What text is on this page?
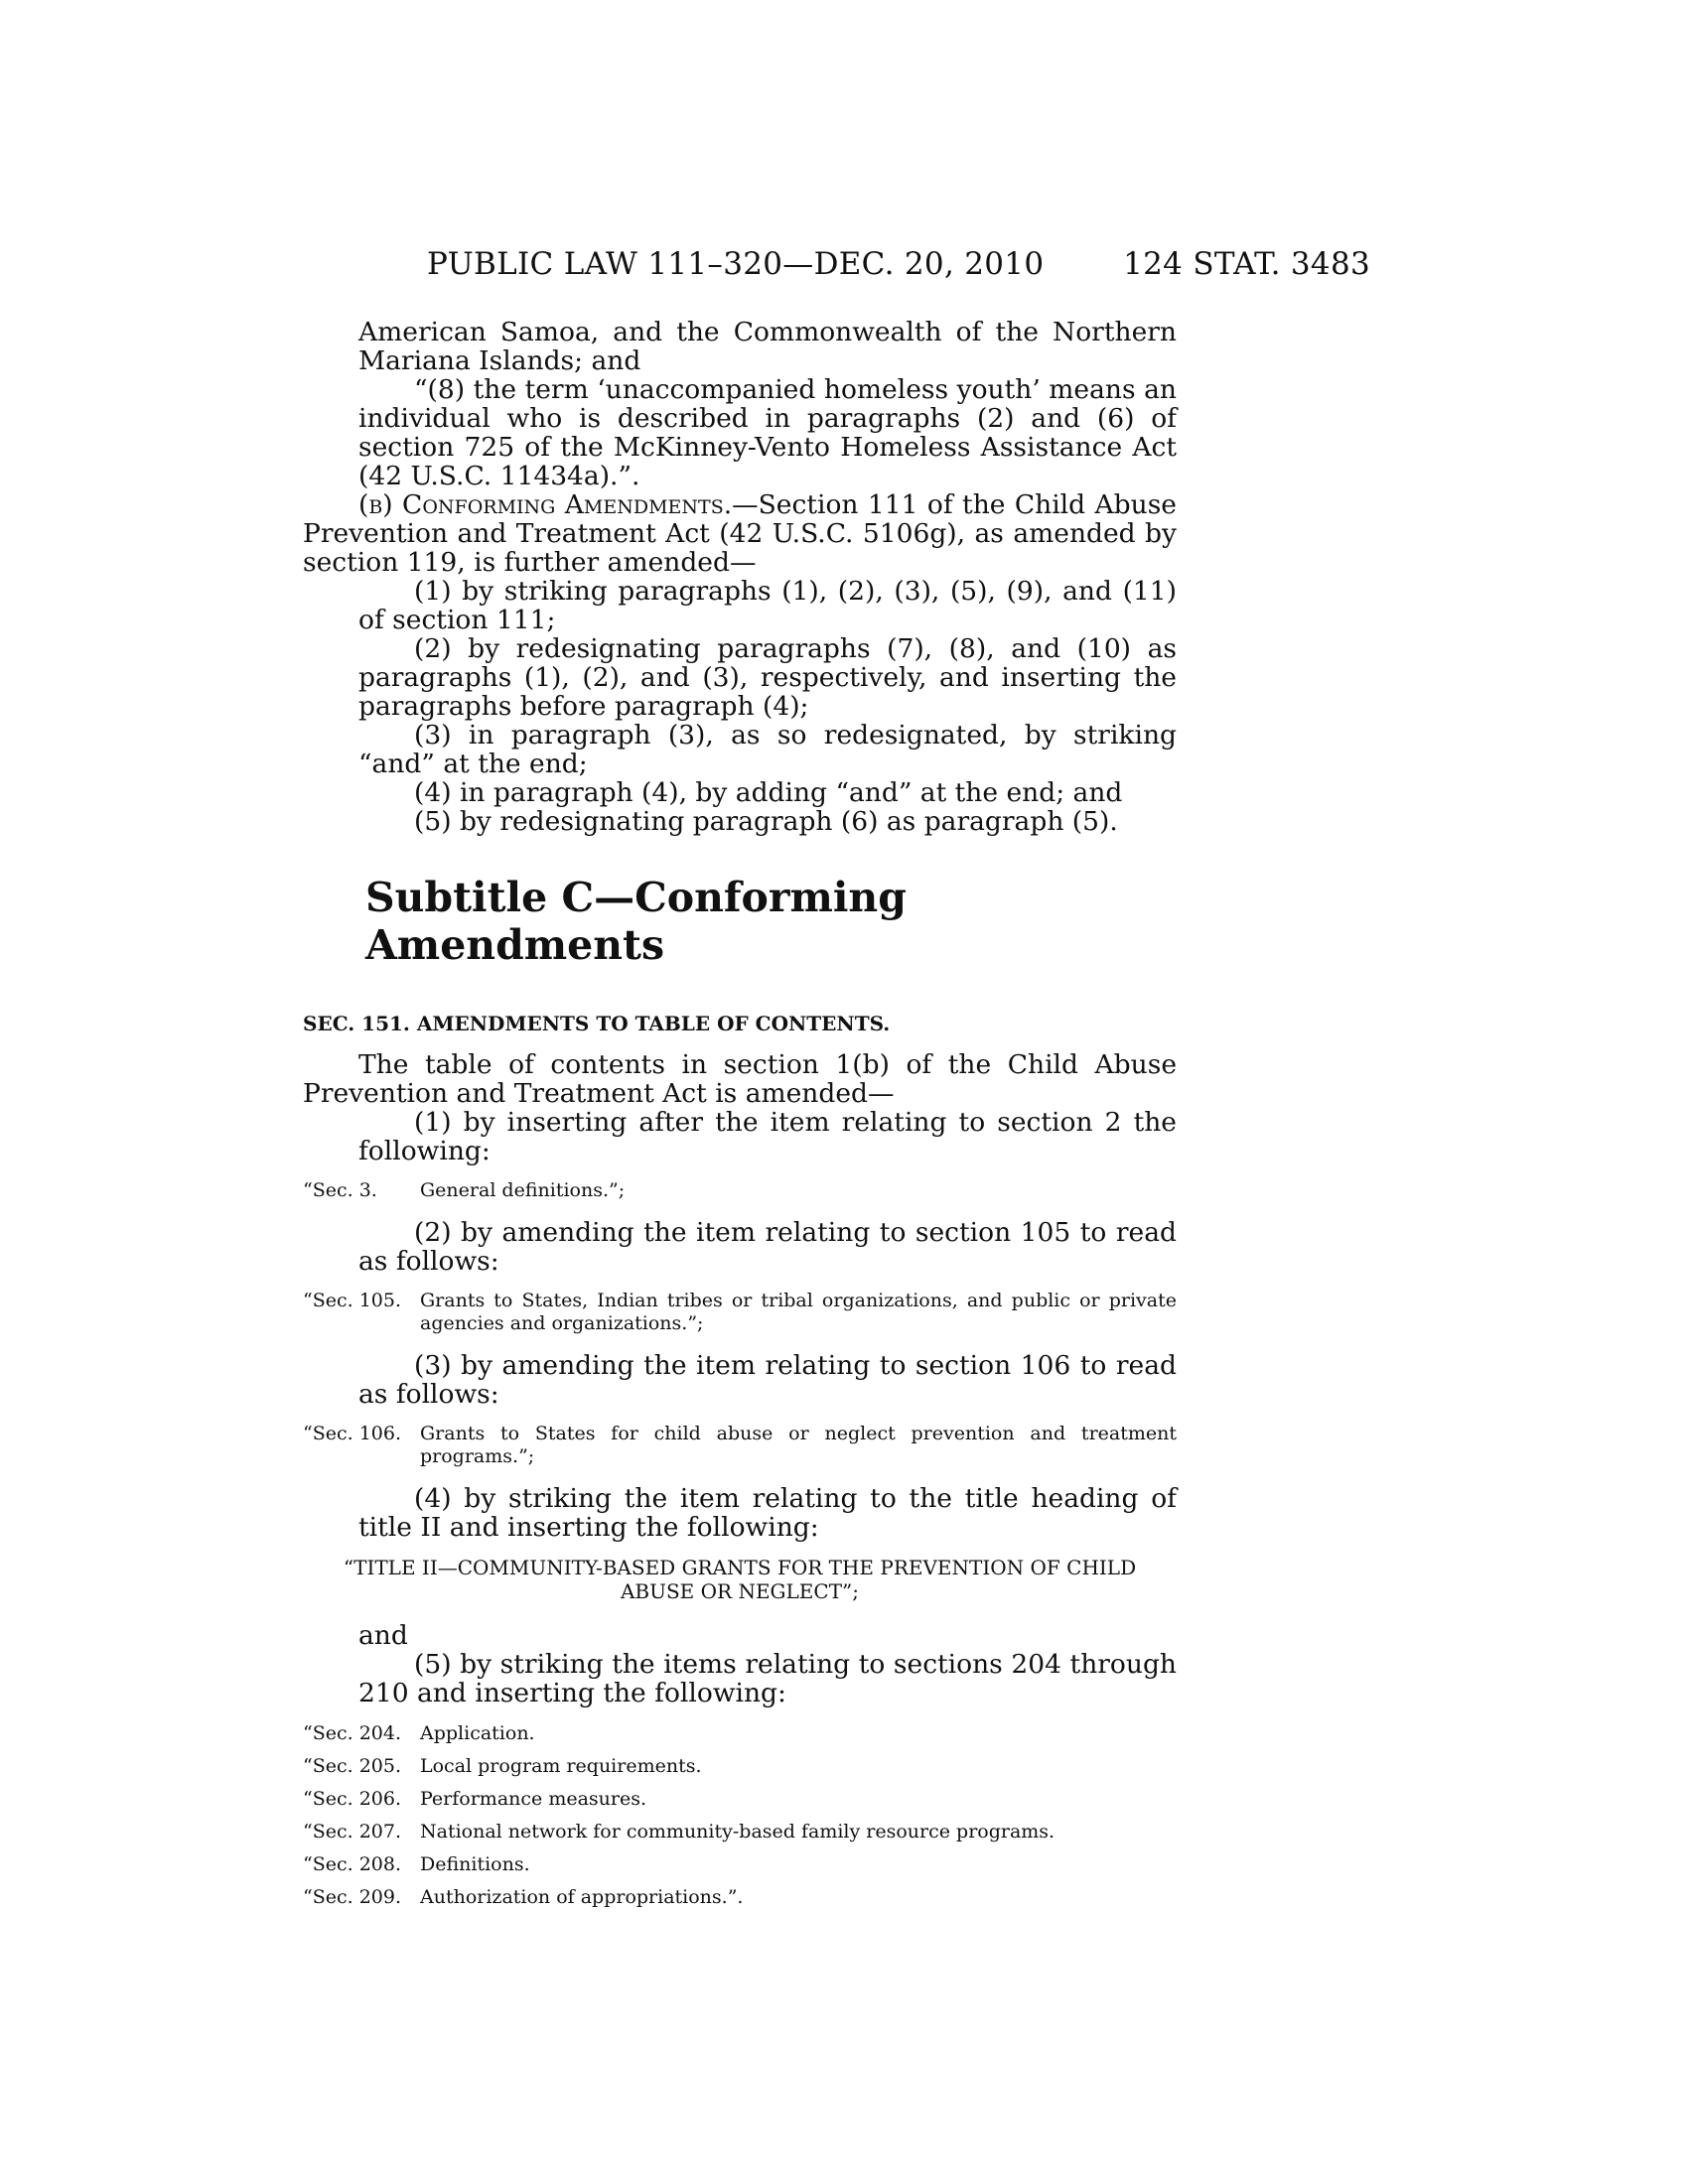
PUBLIC LAW 111–320—DEC. 20, 2010	124 STAT. 3483

American Samoa, and the Commonwealth of the Northern Mariana Islands; and

“(8) the term ‘unaccompanied homeless youth’ means an individual who is described in paragraphs (2) and (6) of section 725 of the McKinney-Vento Homeless Assistance Act (42 U.S.C. 11434a).”.

(b) Conforming Amendments.—Section 111 of the Child Abuse Prevention and Treatment Act (42 U.S.C. 5106g), as amended by section 119, is further amended—

(1) by striking paragraphs (1), (2), (3), (5), (9), and (11) of section 111;

(2) by redesignating paragraphs (7), (8), and (10) as paragraphs (1), (2), and (3), respectively, and inserting the paragraphs before paragraph (4);

(3) in paragraph (3), as so redesignated, by striking “and” at the end;

(4) in paragraph (4), by adding “and” at the end; and

(5) by redesignating paragraph (6) as paragraph (5).

Subtitle C—Conforming Amendments
SEC. 151. AMENDMENTS TO TABLE OF CONTENTS.

The table of contents in section 1(b) of the Child Abuse Prevention and Treatment Act is amended—

(1) by inserting after the item relating to section 2 the following:

“Sec. 3.	General definitions.”;

(2) by amending the item relating to section 105 to read as follows:

“Sec. 105.	Grants to States, Indian tribes or tribal organizations, and public or private agencies and organizations.”;

(3) by amending the item relating to section 106 to read as follows:

“Sec. 106.	Grants to States for child abuse or neglect prevention and treatment programs.”;

(4) by striking the item relating to the title heading of title II and inserting the following:

“TITLE II—COMMUNITY-BASED GRANTS FOR THE PREVENTION OF CHILD
ABUSE OR NEGLECT”;

and

(5) by striking the items relating to sections 204 through 210 and inserting the following:

“Sec. 204.	Application.
“Sec. 205.	Local program requirements.
“Sec. 206.	Performance measures.
“Sec. 207.	National network for community-based family resource programs.
“Sec. 208.	Definitions.
“Sec. 209.	Authorization of appropriations.”.
